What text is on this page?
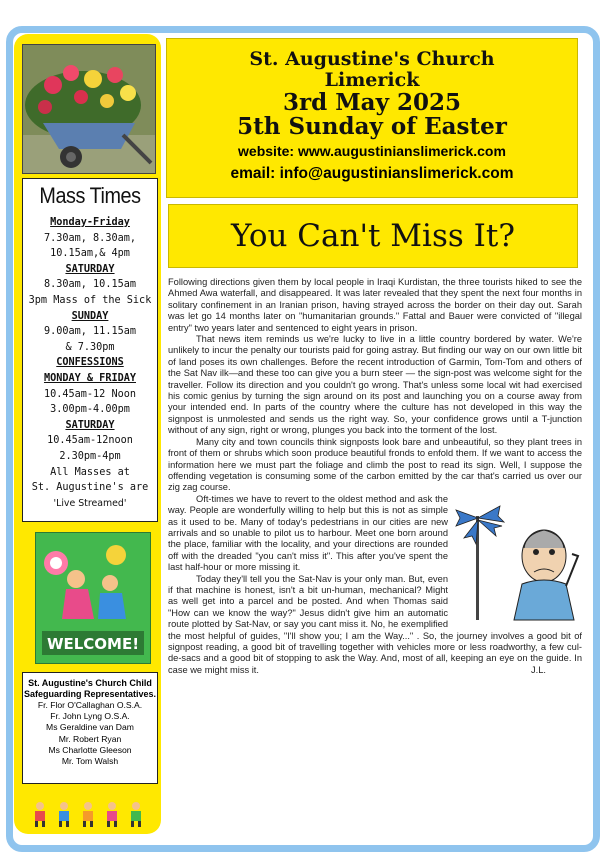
Mass Times
Monday-Friday
7.30am, 8.30am,
10.15am,& 4pm
SATURDAY
8.30am, 10.15am
3pm Mass of the Sick
SUNDAY
9.00am, 11.15am
& 7.30pm
CONFESSIONS
MONDAY & FRIDAY
10.45am-12 Noon
3.00pm-4.00pm
SATURDAY
10.45am-12noon
2.30pm-4pm
All Masses at
St. Augustine's are
'Live Streamed'
WELCOME!
St. Augustine's Church Child Safeguarding Representatives.
Fr. Flor O'Callaghan O.S.A.
Fr. John Lyng O.S.A.
Ms Geraldine van Dam
Mr. Robert Ryan
Ms Charlotte Gleeson
Mr. Tom Walsh
St. Augustine's Church
Limerick
3rd May 2025
5th Sunday of Easter
website: www.augustinianslimerick.com
email: info@augustinianslimerick.com
You Can't Miss It?

Following directions given them by local people in Iraqi Kurdistan, the three tourists hiked to see the Ahmed Awa waterfall, and disappeared. It was later revealed that they spent the next four months in solitary confinement in an Iranian prison, having strayed across the border on their day out. Sarah was let go 14 months later on "humanitarian grounds." Fattal and Bauer were convicted of "illegal entry" two years later and sentenced to eight years in prison.

That news item reminds us we're lucky to live in a little country bordered by water. We're unlikely to incur the penalty our tourists paid for going astray. But finding our way on our own little bit of land poses its own challenges. Before the recent introduction of Garmin, Tom-Tom and others of the Sat Nav ilk—and these too can give you a burn steer — the sign-post was welcome sight for the traveller. Follow its direction and you couldn't go wrong. That's unless some local wit had exercised his comic genius by turning the sign around on its post and launching you on a course away from your intended end. In parts of the country where the culture has not developed in this way the signpost is unmolested and sends us the right way. So, your confidence grows until a T-junction without of any sign, right or wrong, plunges you back into the torment of the lost.

Many city and town councils think signposts look bare and unbeautiful, so they plant trees in front of them or shrubs which soon produce beautiful fronds to enfold them. If we want to access the information here we must part the foliage and climb the post to read its sign. Well, I suppose the offending vegetation is consuming some of the carbon emitted by the car that's carried us over our zig zag course.

Oft-times we have to revert to the oldest method and ask the way. People are wonderfully willing to help but this is not as simple as it used to be. Many of today's pedestrians in our cities are new arrivals and so unable to pilot us to harbour. Meet one born around the place, familiar with the locality, and your directions are rounded off with the dreaded "you can't miss it". This after you've spent the last half-hour or more missing it.

Today they'll tell you the Sat-Nav is your only man. But, even if that machine is honest, isn't a bit un-human, mechanical? Might as well get into a parcel and be posted. And when Thomas said "How can we know the way?" Jesus didn't give him an automatic route plotted by Sat-Nav, or say you cant miss it. No, he exemplified the most helpful of guides, "I'll show you; I am the Way..." . So, the journey involves a good bit of signpost reading, a good bit of travelling together with vehicles more or less roadworthy, a few cul-de-sacs and a good bit of stopping to ask the Way. And, most of all, keeping an eye on the guide. In case we might miss it.	J.L.
